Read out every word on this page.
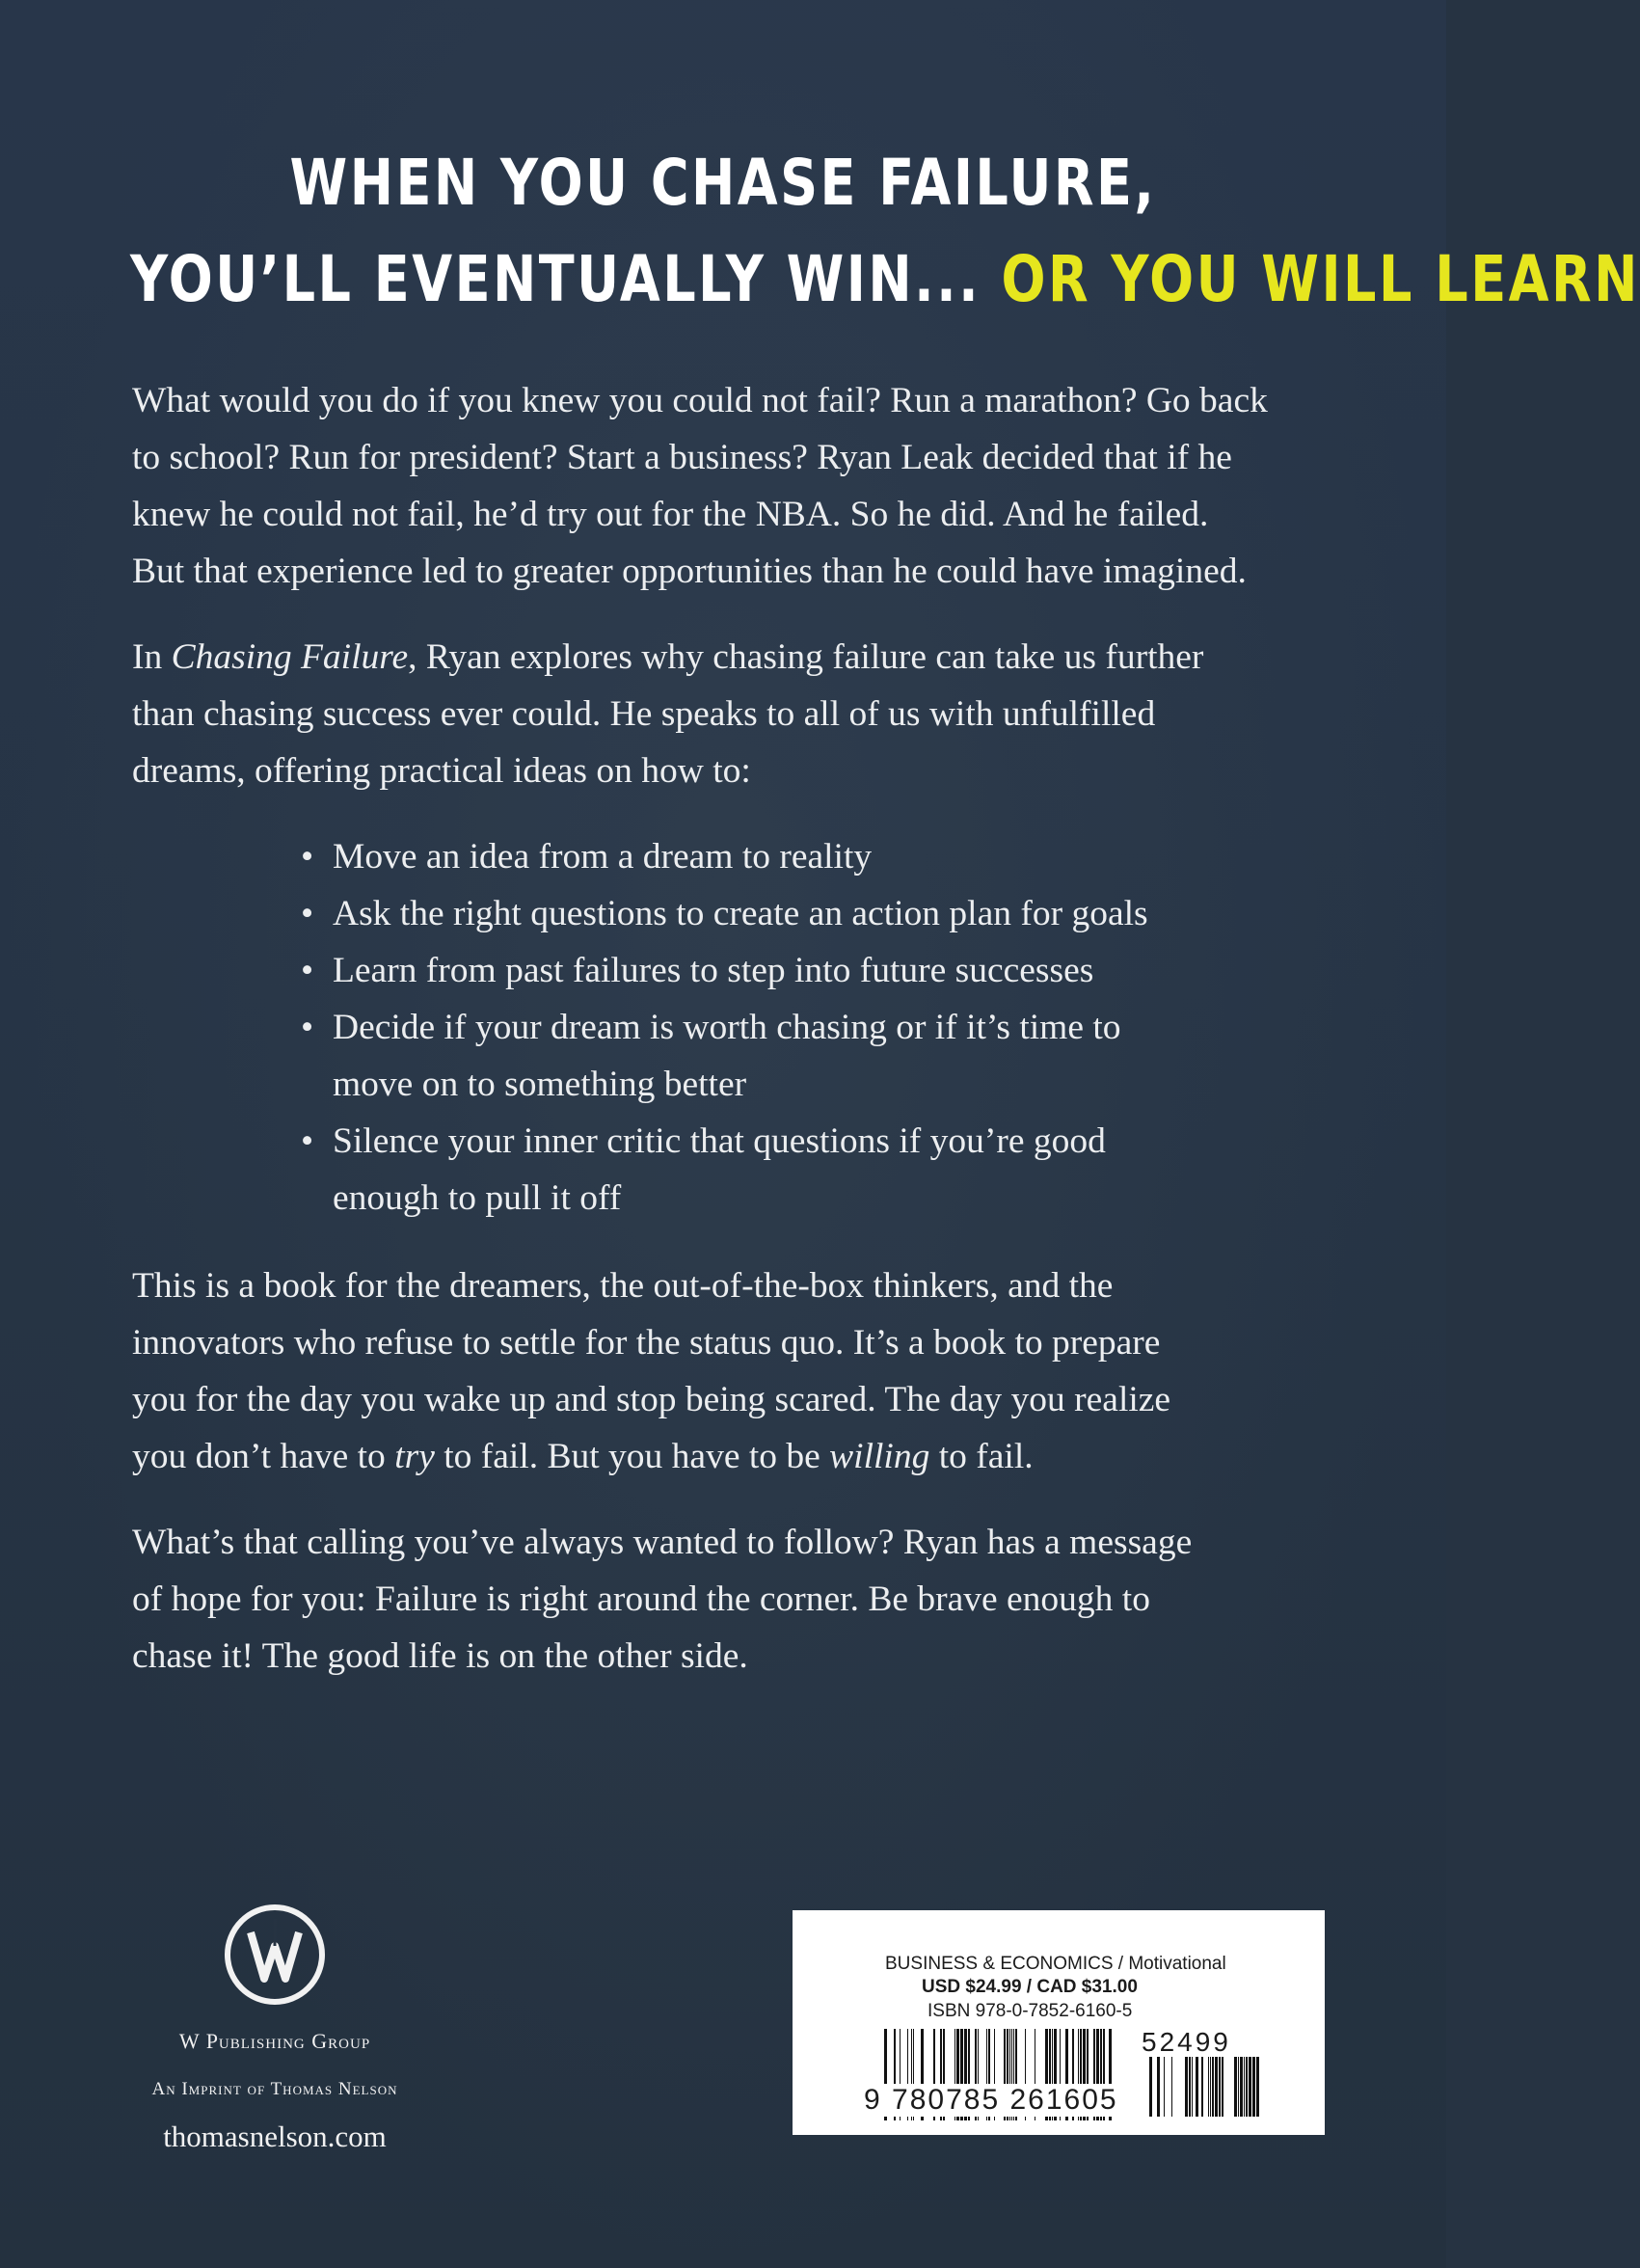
WHEN YOU CHASE FAILURE,
YOU’LL EVENTUALLY WIN... OR YOU WILL LEARN

What would you do if you knew you could not fail? Run a marathon? Go back
to school? Run for president? Start a business? Ryan Leak decided that if he
knew he could not fail, he’d try out for the NBA. So he did. And he failed.
But that experience led to greater opportunities than he could have imagined.

In Chasing Failure, Ryan explores why chasing failure can take us further
than chasing success ever could. He speaks to all of us with unfulfilled
dreams, offering practical ideas on how to:

• Move an idea from a dream to reality
• Ask the right questions to create an action plan for goals
• Learn from past failures to step into future successes
• Decide if your dream is worth chasing or if it’s time to
move on to something better
• Silence your inner critic that questions if you’re good
enough to pull it off

This is a book for the dreamers, the out-of-the-box thinkers, and the
innovators who refuse to settle for the status quo. It’s a book to prepare
you for the day you wake up and stop being scared. The day you realize
you don’t have to try to fail. But you have to be willing to fail.

What’s that calling you’ve always wanted to follow? Ryan has a message
of hope for you: Failure is right around the corner. Be brave enough to
chase it! The good life is on the other side.

W Publishing Group
An Imprint of Thomas Nelson
thomasnelson.com
BUSINESS & ECONOMICS / Motivational
USD $24.99 / CAD $31.00
ISBN 978-0-7852-6160-5
52499
9 780785 261605
